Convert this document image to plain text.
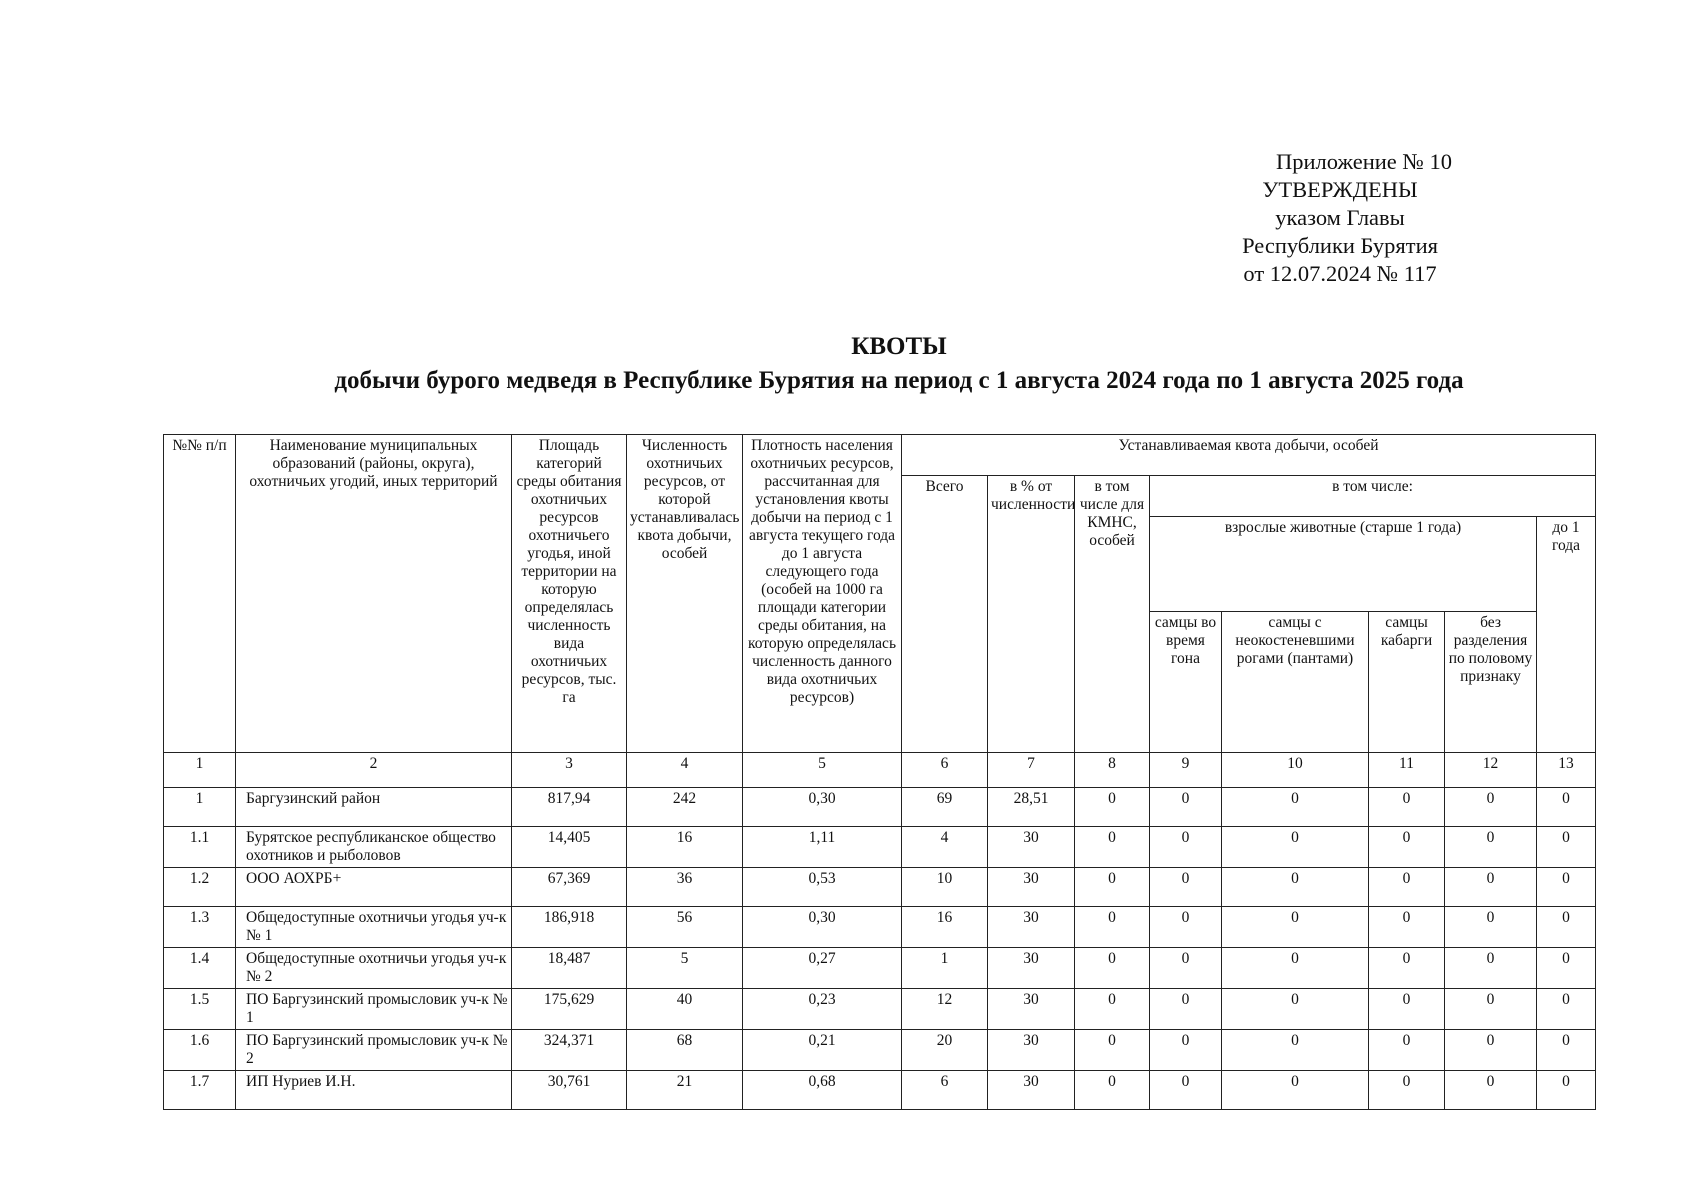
Приложение № 10
УТВЕРЖДЕНЫ
указом Главы
Республики Бурятия
от 12.07.2024 № 117
КВОТЫ
добычи бурого медведя в Республике Бурятия на период с 1 августа 2024 года по 1 августа 2025 года
№№ п/п	Наименование муниципальных образований (районы, округа), охотничьих угодий, иных территорий	Площадь категорий среды обитания охотничьих ресурсов охотничьего угодья, иной территории на которую определялась численность вида охотничьих ресурсов, тыс. га	Численность охотничьих ресурсов, от которой устанавливалась квота добычи, особей	Плотность населения охотничьих ресурсов, рассчитанная для установления квоты добычи на период с 1 августа текущего года до 1 августа следующего года (особей на 1000 га площади категории среды обитания, на которую определялась численность данного вида охотничьих ресурсов)	Устанавливаемая квота добычи, особей							
					Всего	в % от численности	в том числе для КМНС, особей	в том числе:				
								взрослые животные (старше 1 года)				до 1 года
								самцы во время гона	самцы с неокостеневшими рогами (пантами)	самцы кабарги	без разделения по половому признаку	
1	2	3	4	5	6	7	8	9	10	11	12	13
1	Баргузинский район	817,94	242	0,30	69	28,51	0	0	0	0	0	0
1.1	Бурятское республиканское общество охотников и рыболовов	14,405	16	1,11	4	30	0	0	0	0	0	0
1.2	ООО АОХРБ+	67,369	36	0,53	10	30	0	0	0	0	0	0
1.3	Общедоступные охотничьи угодья уч-к № 1	186,918	56	0,30	16	30	0	0	0	0	0	0
1.4	Общедоступные охотничьи угодья уч-к № 2	18,487	5	0,27	1	30	0	0	0	0	0	0
1.5	ПО Баргузинский промысловик уч-к № 1	175,629	40	0,23	12	30	0	0	0	0	0	0
1.6	ПО Баргузинский промысловик уч-к № 2	324,371	68	0,21	20	30	0	0	0	0	0	0
1.7	ИП Нуриев И.Н.	30,761	21	0,68	6	30	0	0	0	0	0	0
